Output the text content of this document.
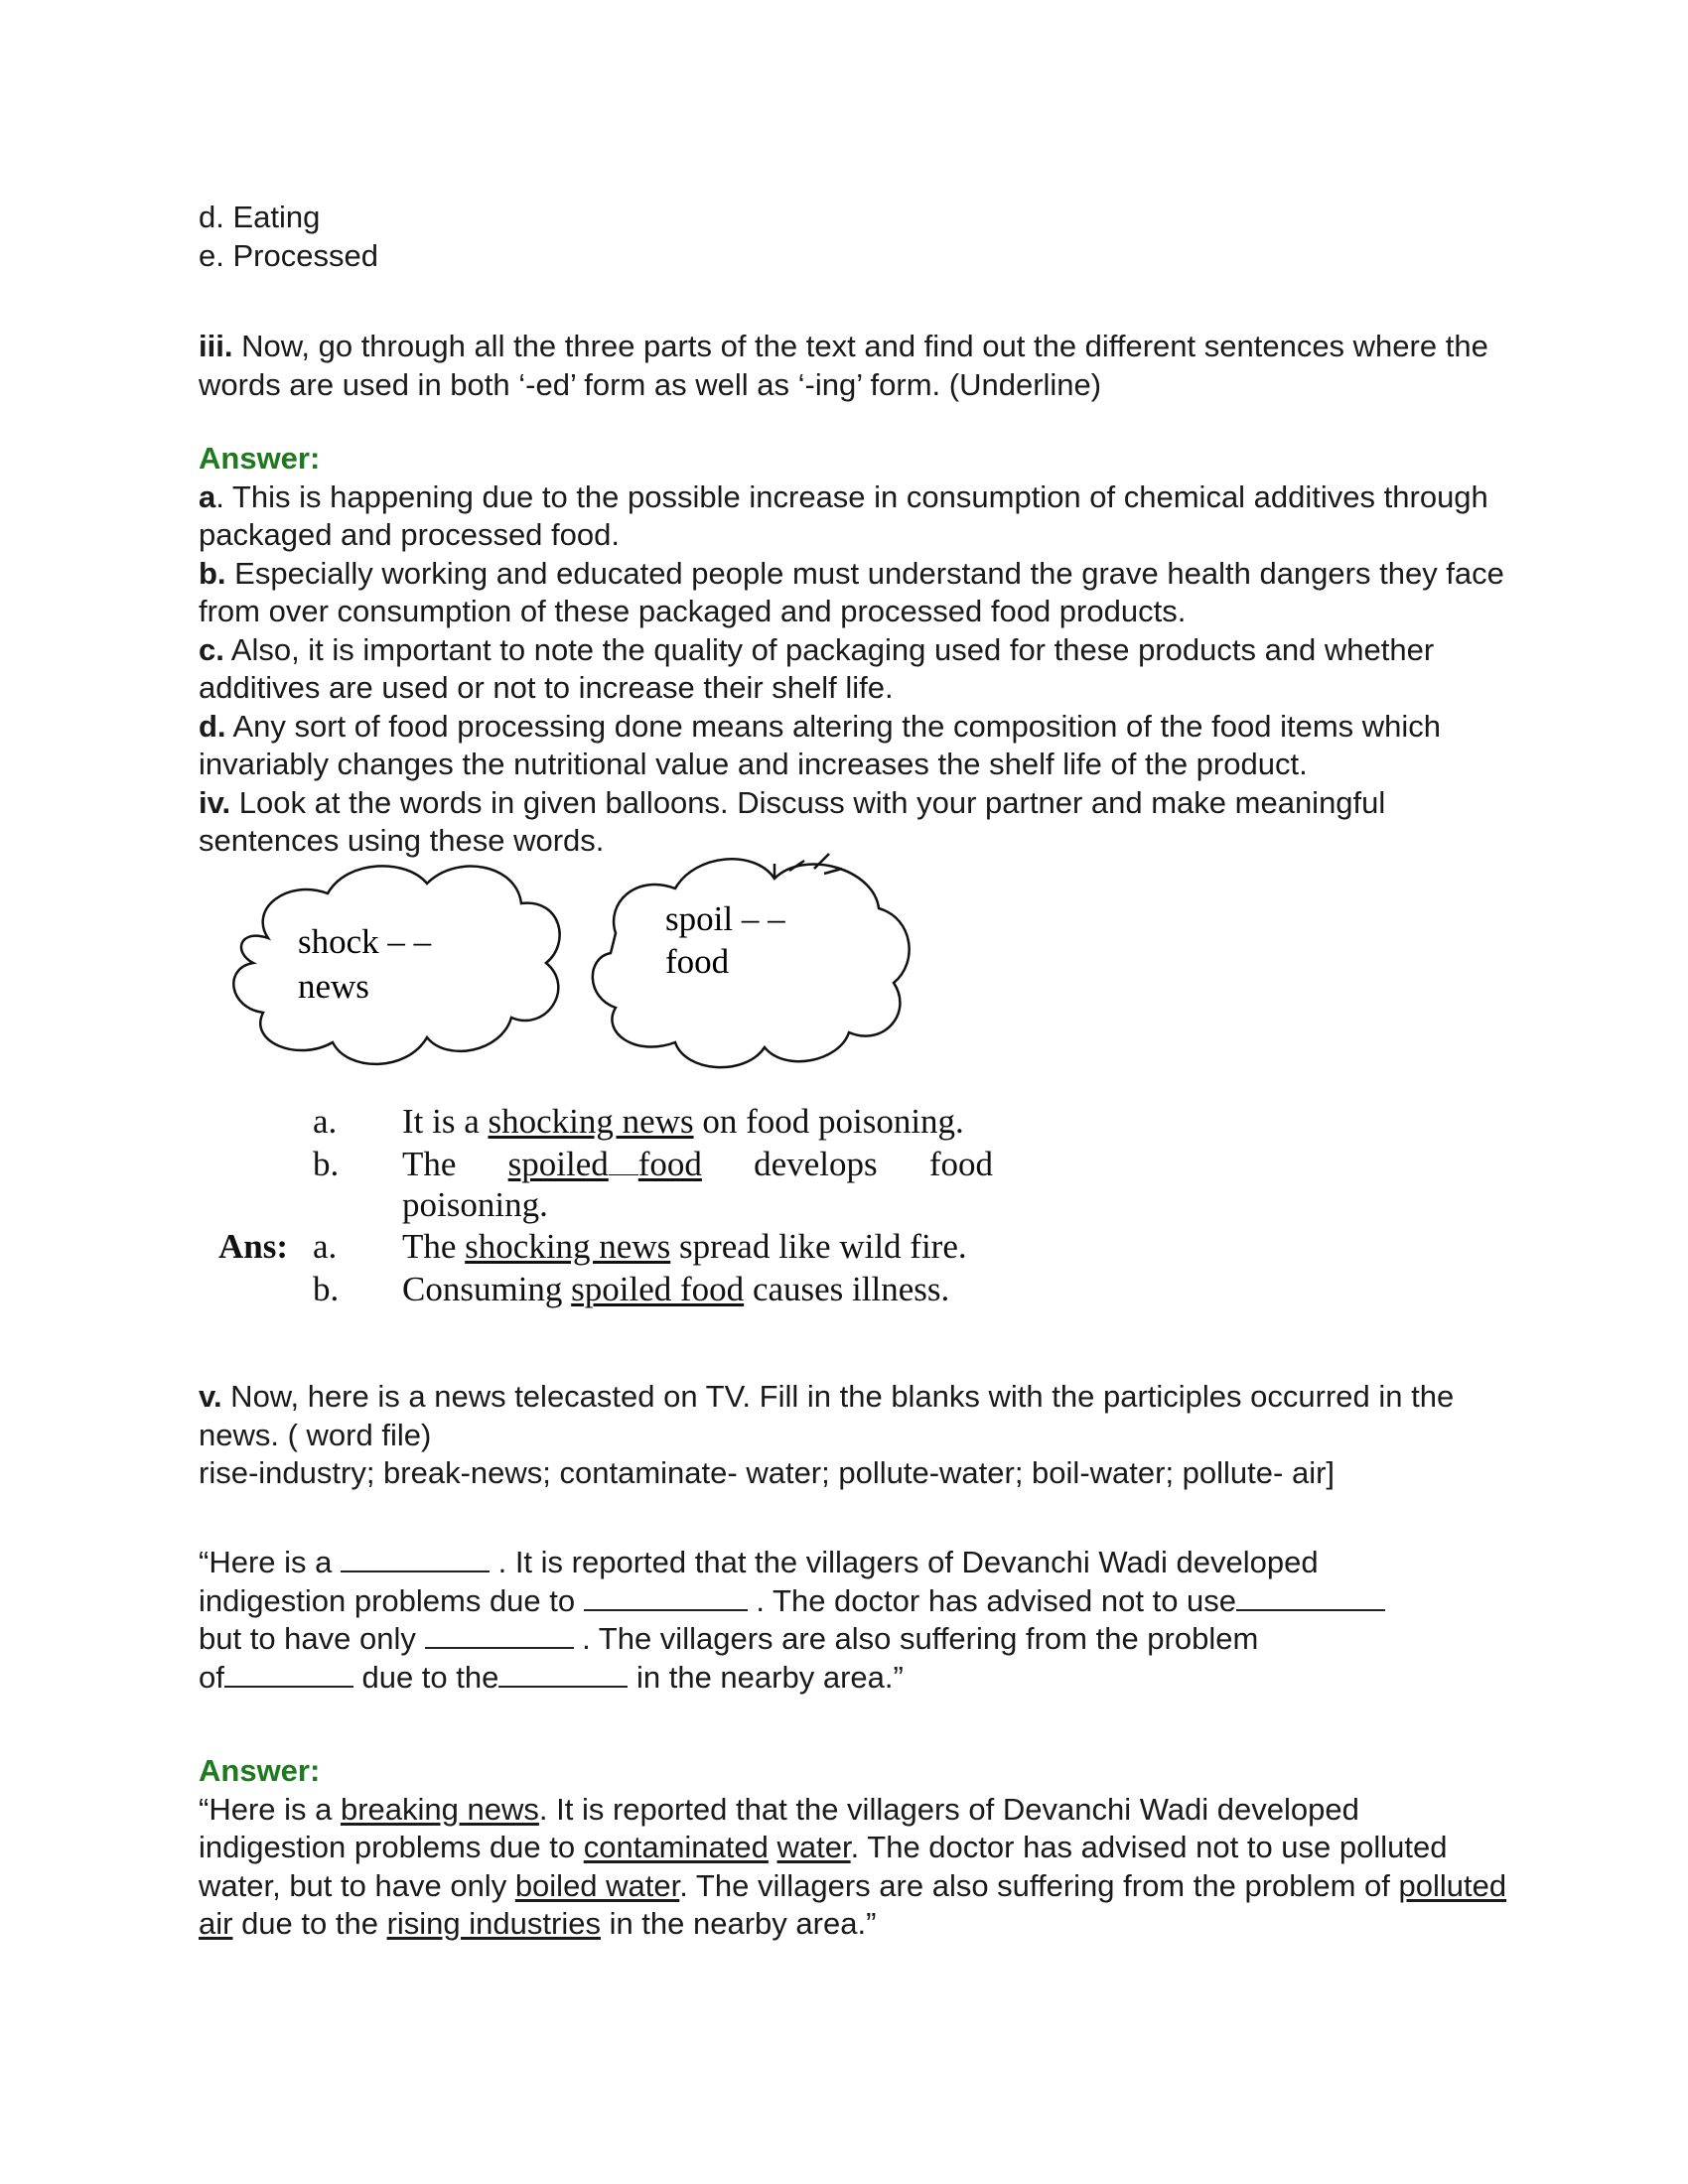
d. Eating
e. Processed
iii. Now, go through all the three parts of the text and find out the different sentences where the words are used in both ‘-ed’ form as well as ‘-ing’ form. (Underline)

Answer:

a. This is happening due to the possible increase in consumption of chemical additives through packaged and processed food.

b. Especially working and educated people must understand the grave health dangers they face from over consumption of these packaged and processed food products.

c. Also, it is important to note the quality of packaging used for these products and whether additives are used or not to increase their shelf life.

d. Any sort of food processing done means altering the composition of the food items which invariably changes the nutritional value and increases the shelf life of the product.

iv. Look at the words in given balloons. Discuss with your partner and make meaningful sentences using these words.

shock – –
news
spoil – –
food
a. It is a shocking news on food poisoning.
b. The spoiled food develops food
poisoning.
Ans: a. The shocking news spread like wild fire.
b. Consuming spoiled food causes illness.
v. Now, here is a news telecasted on TV. Fill in the blanks with the participles occurred in the news. ( word file)
rise-industry; break-news; contaminate- water; pollute-water; boil-water; pollute- air]
“Here is a	. It is reported that the villagers of Devanchi Wadi developed
indigestion problems due to	. The doctor has advised not to use
but to have only	. The villagers are also suffering from the problem
of	due to the	in the nearby area.”
Answer:
“Here is a breaking news. It is reported that the villagers of Devanchi Wadi developed indigestion problems due to contaminated water. The doctor has advised not to use polluted water, but to have only boiled water. The villagers are also suffering from the problem of polluted air due to the rising industries in the nearby area.”
